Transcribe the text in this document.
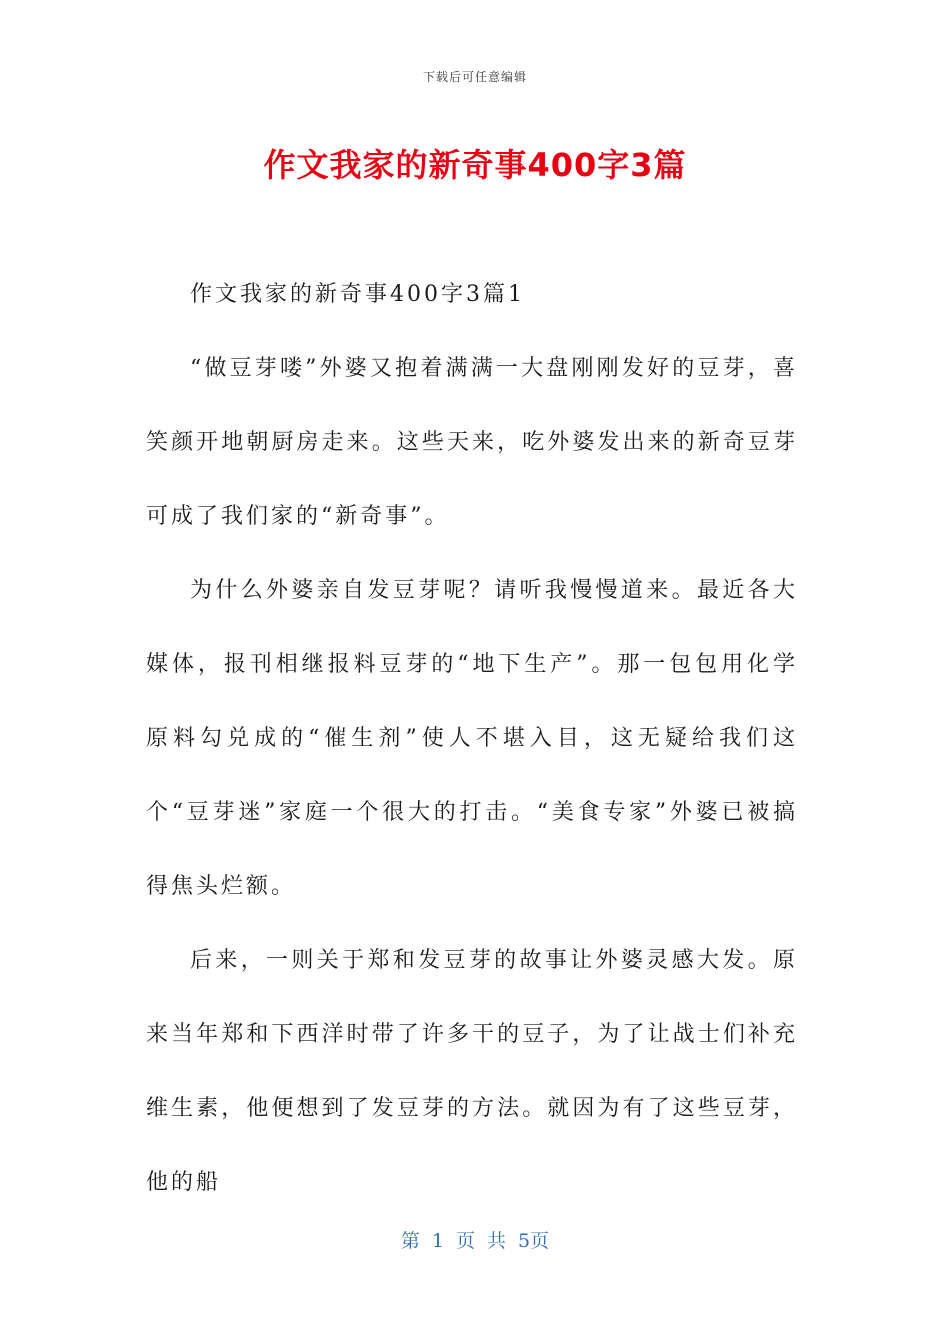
下载后可任意编辑
作文我家的新奇事400字3篇

作文我家的新奇事400字3篇1

“做豆芽喽”外婆又抱着满满一大盘刚刚发好的豆芽，喜笑颜开地朝厨房走来。这些天来，吃外婆发出来的新奇豆芽可成了我们家的“新奇事”。

为什么外婆亲自发豆芽呢？请听我慢慢道来。最近各大媒体，报刊相继报料豆芽的“地下生产”。那一包包用化学原料勾兑成的“催生剂”使人不堪入目，这无疑给我们这个“豆芽迷”家庭一个很大的打击。“美食专家”外婆已被搞得焦头烂额。

后来，一则关于郑和发豆芽的故事让外婆灵感大发。原来当年郑和下西洋时带了许多干的豆子，为了让战士们补充维生素，他便想到了发豆芽的方法。就因为有了这些豆芽，他的船

第 1 页 共 5页
